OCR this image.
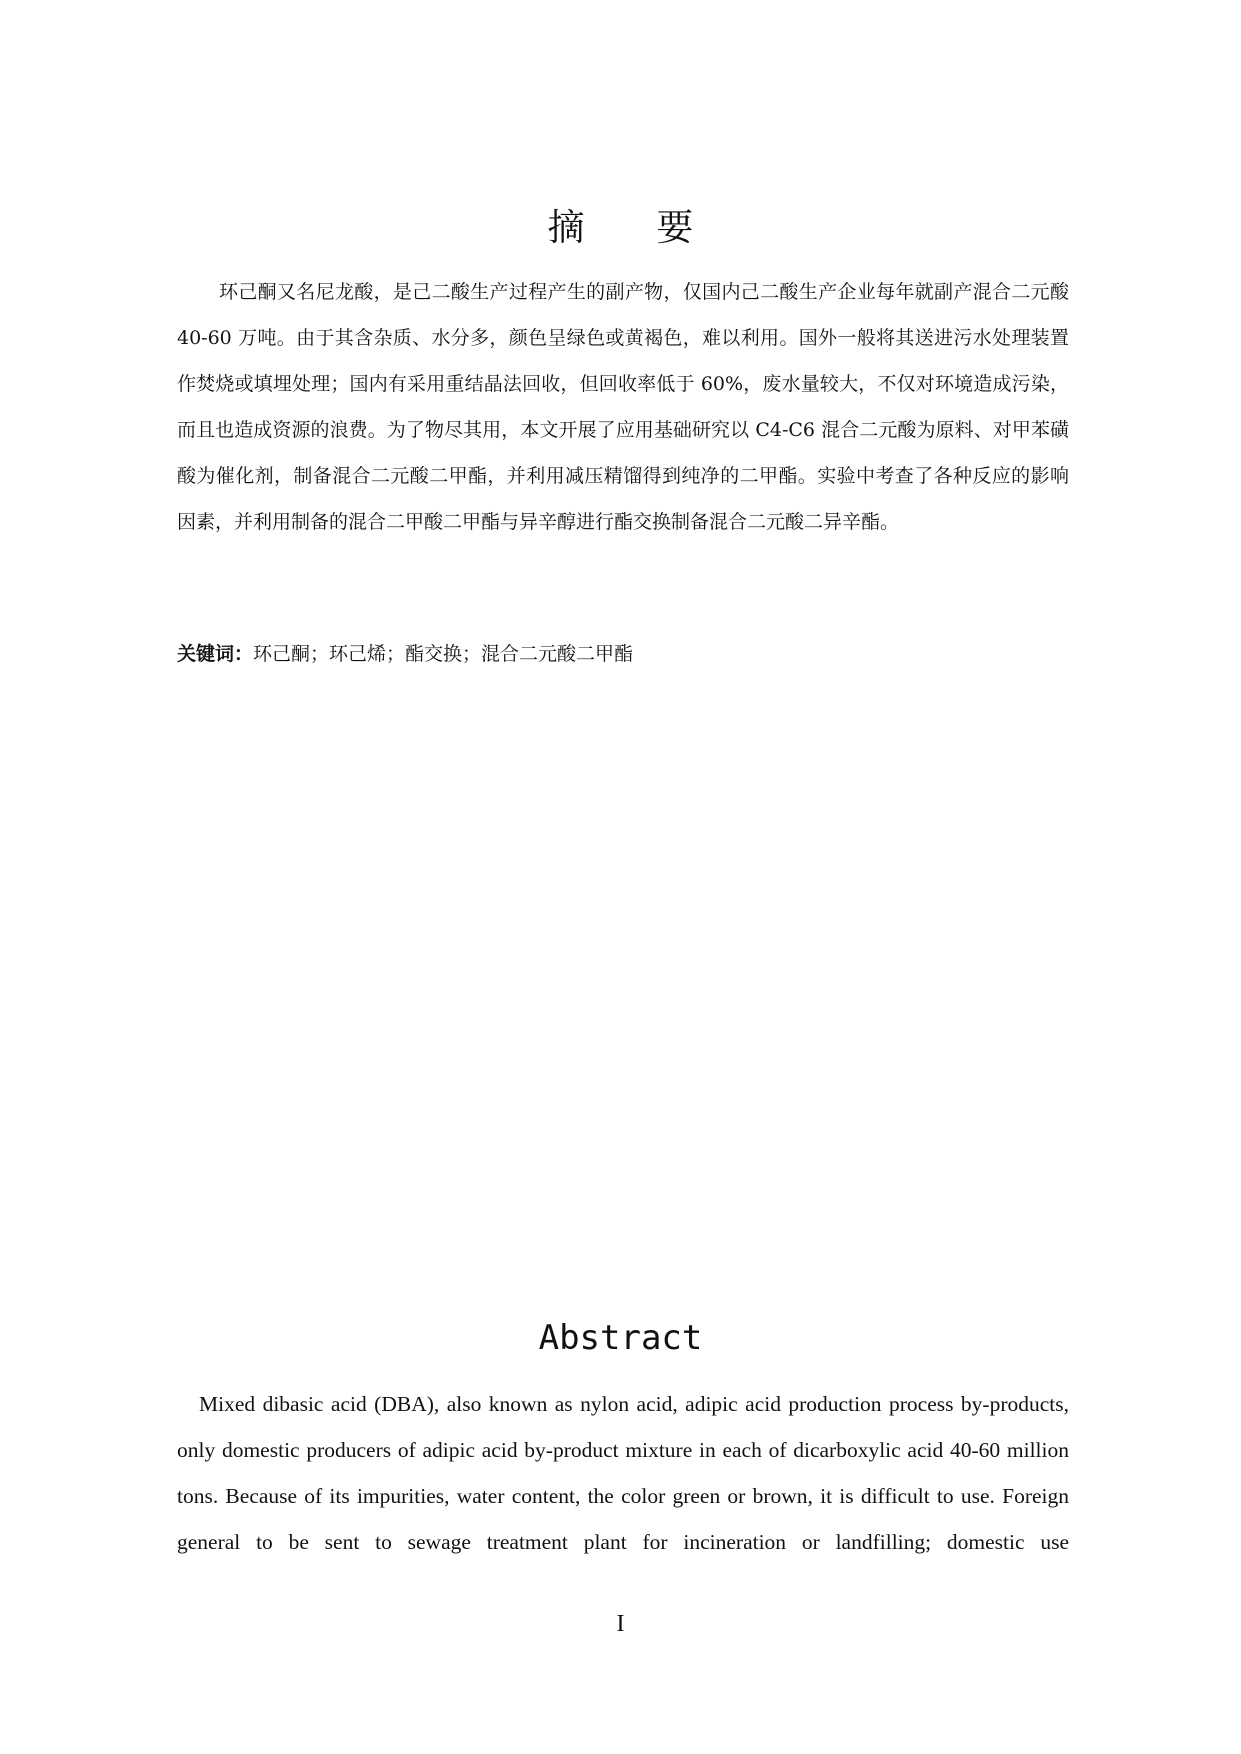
摘 要

环己酮又名尼龙酸，是己二酸生产过程产生的副产物，仅国内己二酸生产企业每年就副产混合二元酸 40-60 万吨。由于其含杂质、水分多，颜色呈绿色或黄褐色，难以利用。国外一般将其送进污水处理装置作焚烧或填埋处理；国内有采用重结晶法回收，但回收率低于 60%，废水量较大，不仅对环境造成污染，而且也造成资源的浪费。为了物尽其用，本文开展了应用基础研究以 C4-C6 混合二元酸为原料、对甲苯磺酸为催化剂，制备混合二元酸二甲酯，并利用减压精馏得到纯净的二甲酯。实验中考查了各种反应的影响因素，并利用制备的混合二甲酸二甲酯与异辛醇进行酯交换制备混合二元酸二异辛酯。

关键词：环己酮；环己烯；酯交换；混合二元酸二甲酯
Abstract

Mixed dibasic acid (DBA), also known as nylon acid, adipic acid production process by-products, only domestic producers of adipic acid by-product mixture in each of dicarboxylic acid 40-60 million tons. Because of its impurities, water content, the color green or brown, it is difficult to use. Foreign general to be sent to sewage treatment plant for incineration or landfilling; domestic use

I
